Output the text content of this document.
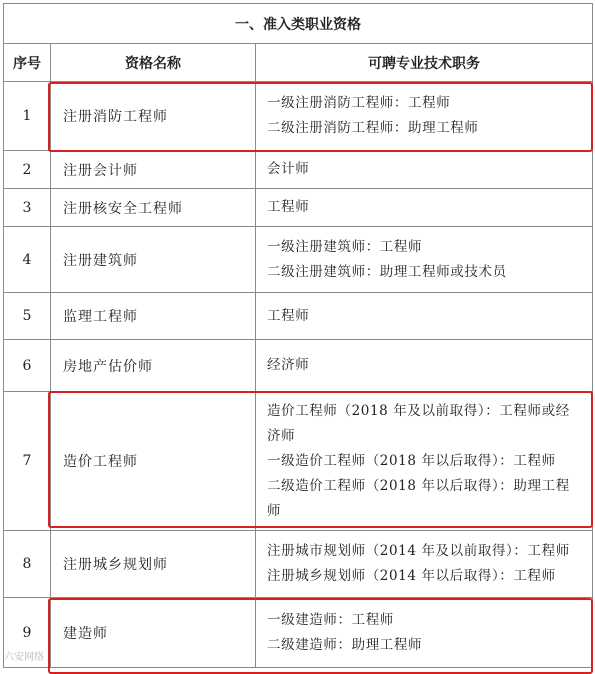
一、准入类职业资格		
序号	资格名称	可聘专业技术职务
1	注册消防工程师	一级注册消防工程师：工程师
二级注册消防工程师：助理工程师

2	注册会计师	会计师

3	注册核安全工程师	工程师

4	注册建筑师	一级注册建筑师：工程师
二级注册建筑师：助理工程师或技术员

5	监理工程师	工程师

6	房地产估价师	经济师

7	造价工程师	造价工程师（2018 年及以前取得）：工程师或经
济师
一级造价工程师（2018 年以后取得）：工程师
二级造价工程师（2018 年以后取得）：助理工程
师

8	注册城乡规划师	注册城市规划师（2014 年及以前取得）：工程师
注册城乡规划师（2014 年以后取得）：工程师

9	建造师	一级建造师：工程师
二级建造师：助理工程师
六安网络
